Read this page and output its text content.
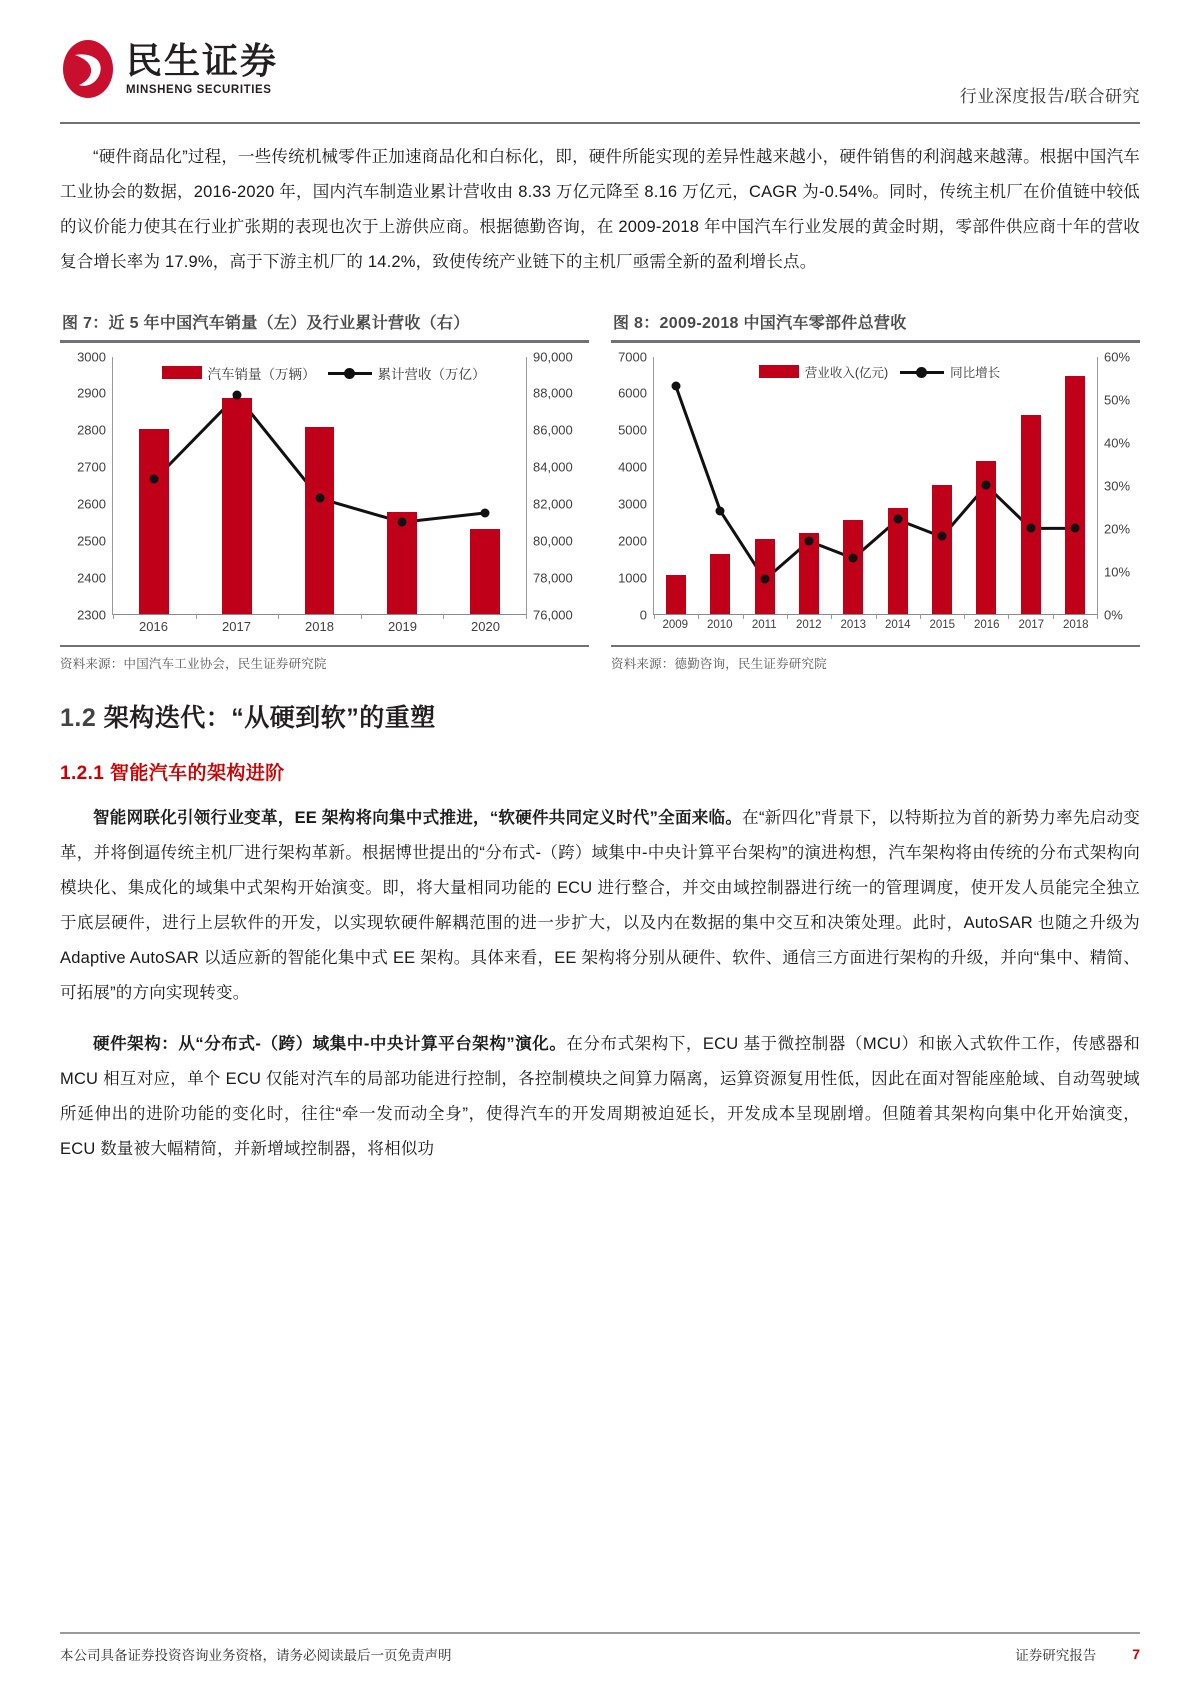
民生证券
MINSHENG SECURITIES	行业深度报告/联合研究

“硬件商品化”过程，一些传统机械零件正加速商品化和白标化，即，硬件所能实现的差异性越来越小，硬件销售的利润越来越薄。根据中国汽车工业协会的数据，2016-2020 年，国内汽车制造业累计营收由 8.33 万亿元降至 8.16 万亿元，CAGR 为-0.54%。同时，传统主机厂在价值链中较低的议价能力使其在行业扩张期的表现也次于上游供应商。根据德勤咨询，在 2009-2018 年中国汽车行业发展的黄金时期，零部件供应商十年的营收复合增长率为 17.9%，高于下游主机厂的 14.2%，致使传统产业链下的主机厂亟需全新的盈利增长点。

图 7：近 5 年中国汽车销量（左）及行业累计营收（右）
3000
2900
2800
2700
2600
2500
2400
2300
90,000
88,000
86,000
84,000
82,000
80,000
78,000
76,000
2016	2017	2018	2019	2020
汽车销量（万辆）	累计营收（万亿）
资料来源：中国汽车工业协会，民生证券研究院
图 8：2009-2018 中国汽车零部件总营收
7000
6000
5000
4000
3000
2000
1000
0
60%
50%
40%
30%
20%
10%
0%
2009 2010 2011 2012 2013 2014 2015 2016 2017 2018
营业收入(亿元)	同比增长
资料来源：德勤咨询，民生证券研究院
1.2 架构迭代：“从硬到软”的重塑
1.2.1 智能汽车的架构进阶

智能网联化引领行业变革，EE 架构将向集中式推进，“软硬件共同定义时代”全面来临。在“新四化”背景下，以特斯拉为首的新势力率先启动变革，并将倒逼传统主机厂进行架构革新。根据博世提出的“分布式-（跨）域集中-中央计算平台架构”的演进构想，汽车架构将由传统的分布式架构向模块化、集成化的域集中式架构开始演变。即，将大量相同功能的 ECU 进行整合，并交由域控制器进行统一的管理调度，使开发人员能完全独立于底层硬件，进行上层软件的开发，以实现软硬件解耦范围的进一步扩大，以及内在数据的集中交互和决策处理。此时，AutoSAR 也随之升级为 Adaptive AutoSAR 以适应新的智能化集中式 EE 架构。具体来看，EE 架构将分别从硬件、软件、通信三方面进行架构的升级，并向“集中、精简、可拓展”的方向实现转变。

硬件架构：从“分布式-（跨）域集中-中央计算平台架构”演化。在分布式架构下，ECU 基于微控制器（MCU）和嵌入式软件工作，传感器和 MCU 相互对应，单个 ECU 仅能对汽车的局部功能进行控制，各控制模块之间算力隔离，运算资源复用性低，因此在面对智能座舱域、自动驾驶域所延伸出的进阶功能的变化时，往往“牵一发而动全身”，使得汽车的开发周期被迫延长，开发成本呈现剧增。但随着其架构向集中化开始演变，ECU 数量被大幅精简，并新增域控制器，将相似功

本公司具备证券投资咨询业务资格，请务必阅读最后一页免责声明	证券研究报告	7
